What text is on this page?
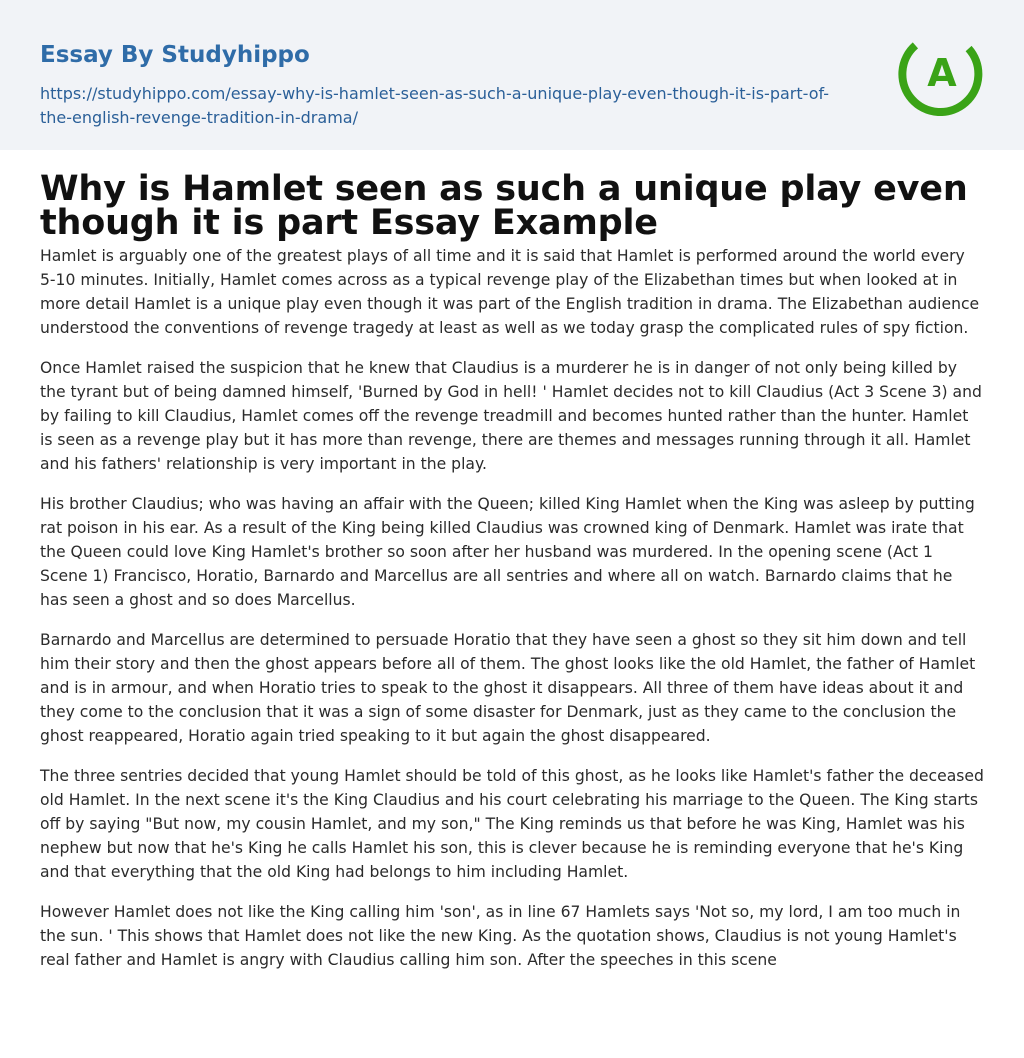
Essay By Studyhippo
https://studyhippo.com/essay-why-is-hamlet-seen-as-such-a-unique-play-even-though-it-is-part-of-the-english-revenge-tradition-in-drama/
A
Why is Hamlet seen as such a unique play even though it is part Essay Example

Hamlet is arguably one of the greatest plays of all time and it is said that Hamlet is performed around the world every 5-10 minutes. Initially, Hamlet comes across as a typical revenge play of the Elizabethan times but when looked at in more detail Hamlet is a unique play even though it was part of the English tradition in drama. The Elizabethan audience understood the conventions of revenge tragedy at least as well as we today grasp the complicated rules of spy fiction.

Once Hamlet raised the suspicion that he knew that Claudius is a murderer he is in danger of not only being killed by the tyrant but of being damned himself, 'Burned by God in hell! ' Hamlet decides not to kill Claudius (Act 3 Scene 3) and by failing to kill Claudius, Hamlet comes off the revenge treadmill and becomes hunted rather than the hunter. Hamlet is seen as a revenge play but it has more than revenge, there are themes and messages running through it all. Hamlet and his fathers' relationship is very important in the play.

His brother Claudius; who was having an affair with the Queen; killed King Hamlet when the King was asleep by putting rat poison in his ear. As a result of the King being killed Claudius was crowned king of Denmark. Hamlet was irate that the Queen could love King Hamlet's brother so soon after her husband was murdered. In the opening scene (Act 1 Scene 1) Francisco, Horatio, Barnardo and Marcellus are all sentries and where all on watch. Barnardo claims that he has seen a ghost and so does Marcellus.

Barnardo and Marcellus are determined to persuade Horatio that they have seen a ghost so they sit him down and tell him their story and then the ghost appears before all of them. The ghost looks like the old Hamlet, the father of Hamlet and is in armour, and when Horatio tries to speak to the ghost it disappears. All three of them have ideas about it and they come to the conclusion that it was a sign of some disaster for Denmark, just as they came to the conclusion the ghost reappeared, Horatio again tried speaking to it but again the ghost disappeared.

The three sentries decided that young Hamlet should be told of this ghost, as he looks like Hamlet's father the deceased old Hamlet. In the next scene it's the King Claudius and his court celebrating his marriage to the Queen. The King starts off by saying "But now, my cousin Hamlet, and my son," The King reminds us that before he was King, Hamlet was his nephew but now that he's King he calls Hamlet his son, this is clever because he is reminding everyone that he's King and that everything that the old King had belongs to him including Hamlet.

However Hamlet does not like the King calling him 'son', as in line 67 Hamlets says 'Not so, my lord, I am too much in the sun. ' This shows that Hamlet does not like the new King. As the quotation shows, Claudius is not young Hamlet's real father and Hamlet is angry with Claudius calling him son. After the speeches in this scene
